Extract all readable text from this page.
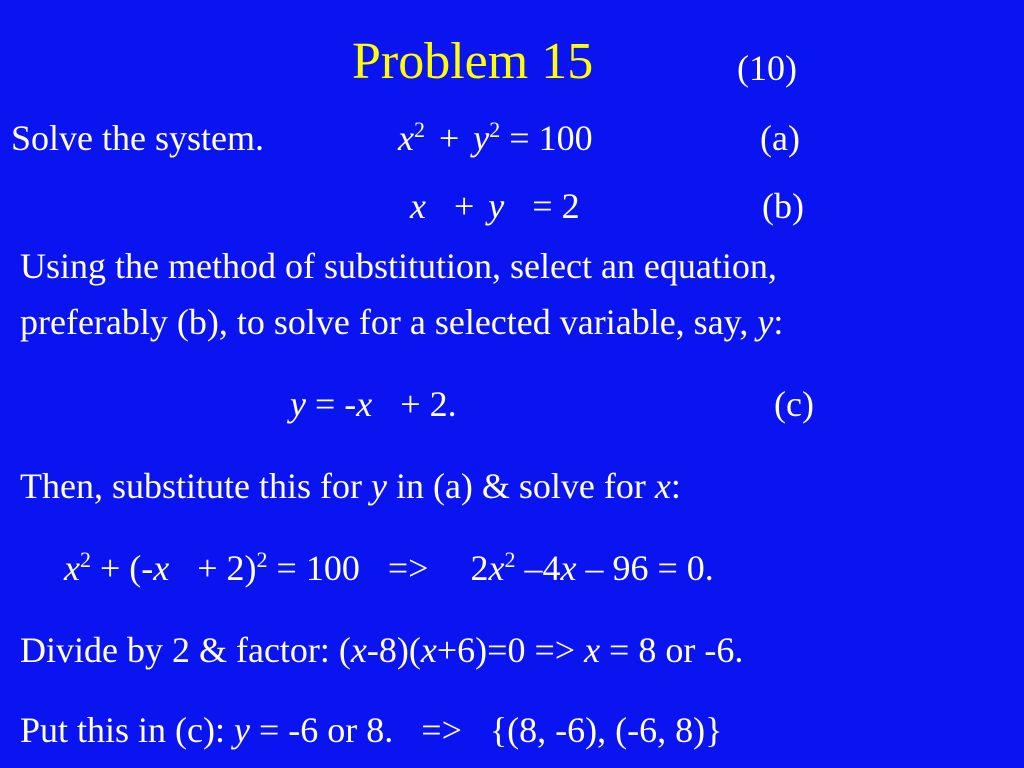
Problem 15	(10)
Solve the system.	$x^2 + y^2 = 100$	(a)
x + y = 2	(b)
Using the method of substitution, select an equation,
preferably (b), to solve for a selected variable, say, y:
y = -x + 2.	(c)
Then, substitute this for y in (a) & solve for x:
$x^2 + (-x + 2)^2 = 100 => 2x^2$ –4x – 96 = 0.
Divide by 2 & factor: (x-8)(x+6)=0 => x = 8 or -6.
Put this in (c): y = -6 or 8. => {(8, -6), (-6, 8)}
